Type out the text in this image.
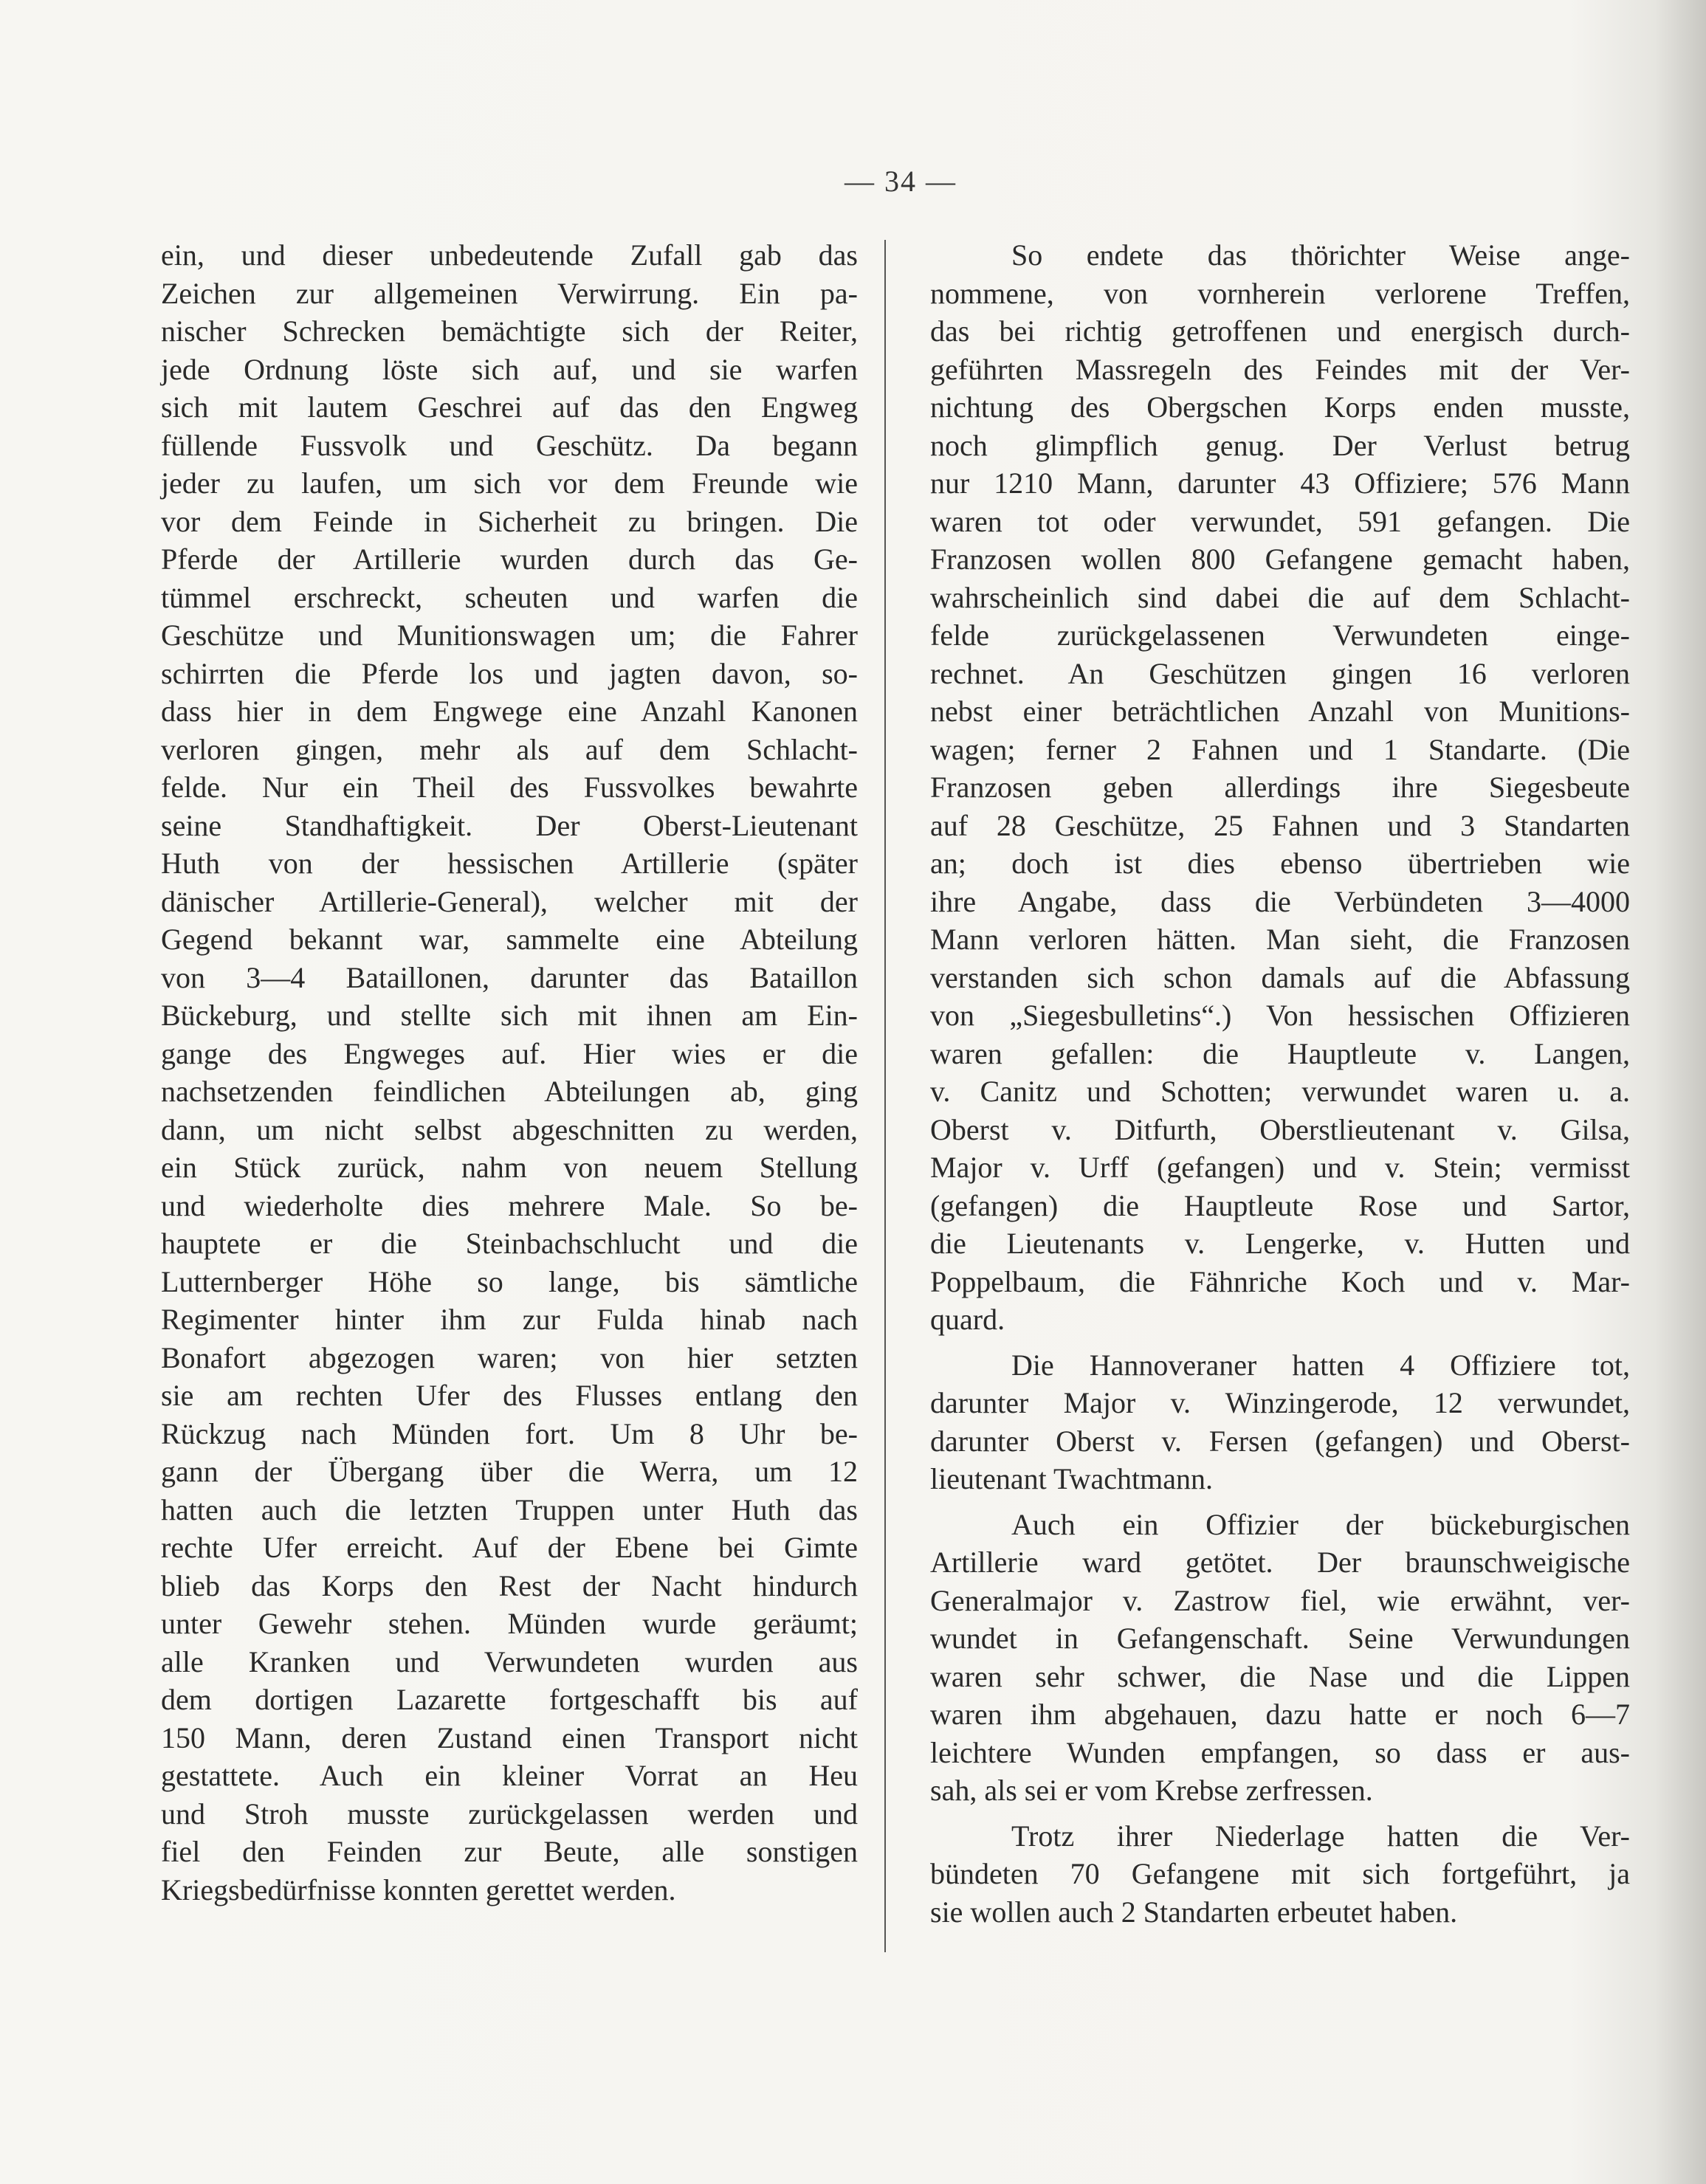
— 34 —
ein, und dieser unbedeutende Zufall gab das
Zeichen zur allgemeinen Verwirrung. Ein pa-
nischer Schrecken bemächtigte sich der Reiter,
jede Ordnung löste sich auf, und sie warfen
sich mit lautem Geschrei auf das den Engweg
füllende Fussvolk und Geschütz. Da begann
jeder zu laufen, um sich vor dem Freunde wie
vor dem Feinde in Sicherheit zu bringen. Die
Pferde der Artillerie wurden durch das Ge-
tümmel erschreckt, scheuten und warfen die
Geschütze und Munitionswagen um; die Fahrer
schirrten die Pferde los und jagten davon, so-
dass hier in dem Engwege eine Anzahl Kanonen
verloren gingen, mehr als auf dem Schlacht-
felde. Nur ein Theil des Fussvolkes bewahrte
seine Standhaftigkeit. Der Oberst-Lieutenant
Huth von der hessischen Artillerie (später
dänischer Artillerie-General), welcher mit der
Gegend bekannt war, sammelte eine Abteilung
von 3—4 Bataillonen, darunter das Bataillon
Bückeburg, und stellte sich mit ihnen am Ein-
gange des Engweges auf. Hier wies er die
nachsetzenden feindlichen Abteilungen ab, ging
dann, um nicht selbst abgeschnitten zu werden,
ein Stück zurück, nahm von neuem Stellung
und wiederholte dies mehrere Male. So be-
hauptete er die Steinbachschlucht und die
Lutternberger Höhe so lange, bis sämtliche
Regimenter hinter ihm zur Fulda hinab nach
Bonafort abgezogen waren; von hier setzten
sie am rechten Ufer des Flusses entlang den
Rückzug nach Münden fort. Um 8 Uhr be-
gann der Übergang über die Werra, um 12
hatten auch die letzten Truppen unter Huth das
rechte Ufer erreicht. Auf der Ebene bei Gimte
blieb das Korps den Rest der Nacht hindurch
unter Gewehr stehen. Münden wurde geräumt;
alle Kranken und Verwundeten wurden aus
dem dortigen Lazarette fortgeschafft bis auf
150 Mann, deren Zustand einen Transport nicht
gestattete. Auch ein kleiner Vorrat an Heu
und Stroh musste zurückgelassen werden und
fiel den Feinden zur Beute, alle sonstigen
Kriegsbedürfnisse konnten gerettet werden.
So endete das thörichter Weise ange-
nommene, von vornherein verlorene Treffen,
das bei richtig getroffenen und energisch durch-
geführten Massregeln des Feindes mit der Ver-
nichtung des Obergschen Korps enden musste,
noch glimpflich genug. Der Verlust betrug
nur 1210 Mann, darunter 43 Offiziere; 576 Mann
waren tot oder verwundet, 591 gefangen. Die
Franzosen wollen 800 Gefangene gemacht haben,
wahrscheinlich sind dabei die auf dem Schlacht-
felde zurückgelassenen Verwundeten einge-
rechnet. An Geschützen gingen 16 verloren
nebst einer beträchtlichen Anzahl von Munitions-
wagen; ferner 2 Fahnen und 1 Standarte. (Die
Franzosen geben allerdings ihre Siegesbeute
auf 28 Geschütze, 25 Fahnen und 3 Standarten
an; doch ist dies ebenso übertrieben wie
ihre Angabe, dass die Verbündeten 3—4000
Mann verloren hätten. Man sieht, die Franzosen
verstanden sich schon damals auf die Abfassung
von „Siegesbulletins“.) Von hessischen Offizieren
waren gefallen: die Hauptleute v. Langen,
v. Canitz und Schotten; verwundet waren u. a.
Oberst v. Ditfurth, Oberstlieutenant v. Gilsa,
Major v. Urff (gefangen) und v. Stein; vermisst
(gefangen) die Hauptleute Rose und Sartor,
die Lieutenants v. Lengerke, v. Hutten und
Poppelbaum, die Fähnriche Koch und v. Mar-
quard.
Die Hannoveraner hatten 4 Offiziere tot,
darunter Major v. Winzingerode, 12 verwundet,
darunter Oberst v. Fersen (gefangen) und Oberst-
lieutenant Twachtmann.
Auch ein Offizier der bückeburgischen
Artillerie ward getötet. Der braunschweigische
Generalmajor v. Zastrow fiel, wie erwähnt, ver-
wundet in Gefangenschaft. Seine Verwundungen
waren sehr schwer, die Nase und die Lippen
waren ihm abgehauen, dazu hatte er noch 6—7
leichtere Wunden empfangen, so dass er aus-
sah, als sei er vom Krebse zerfressen.
Trotz ihrer Niederlage hatten die Ver-
bündeten 70 Gefangene mit sich fortgeführt, ja
sie wollen auch 2 Standarten erbeutet haben.
